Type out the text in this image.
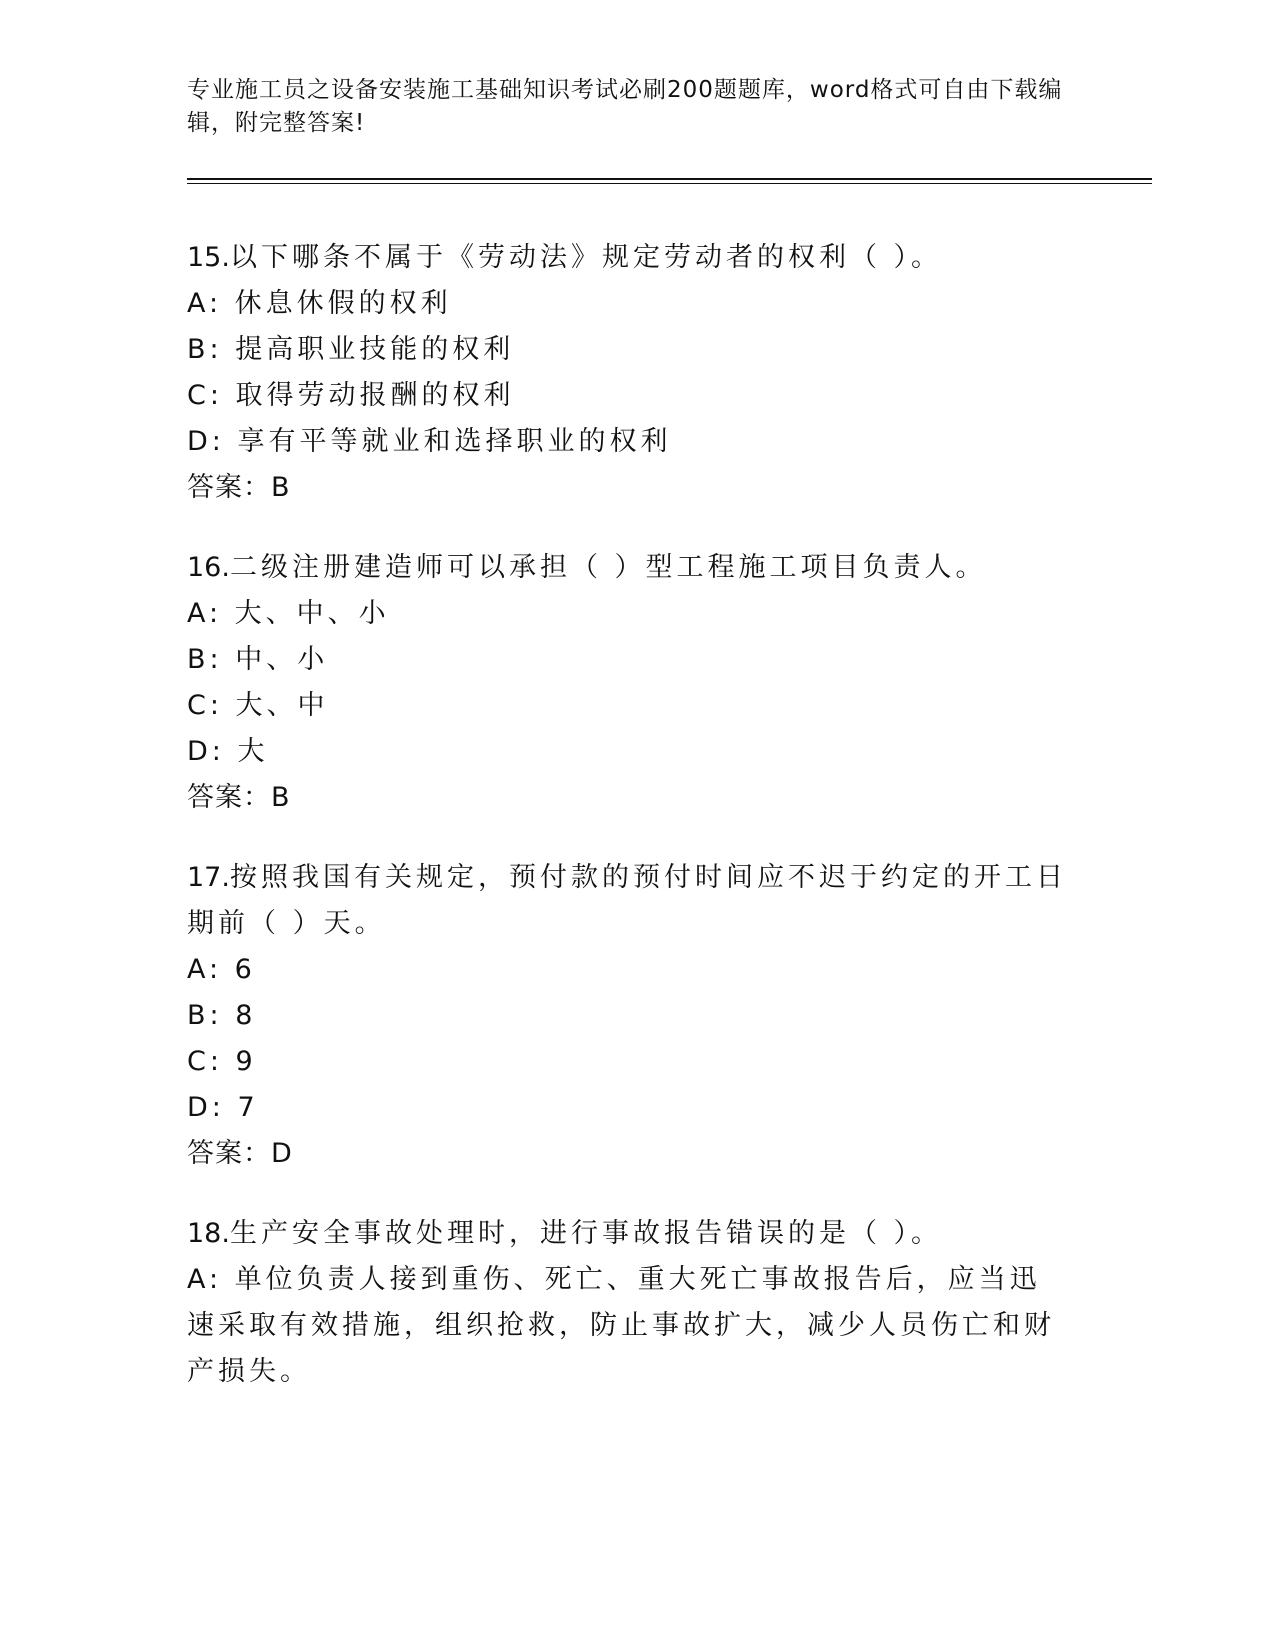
专业施工员之设备安装施工基础知识考试必刷200题题库，word格式可自由下载编辑，附完整答案!
15.以下哪条不属于《劳动法》规定劳动者的权利（ ）。
A: 休息休假的权利
B: 提高职业技能的权利
C: 取得劳动报酬的权利
D: 享有平等就业和选择职业的权利
答案：B
16.二级注册建造师可以承担（ ）型工程施工项目负责人。
A: 大、中、小
B: 中、小
C: 大、中
D: 大
答案：B
17.按照我国有关规定，预付款的预付时间应不迟于约定的开工日期前（ ）天。
A: 6
B: 8
C: 9
D: 7
答案：D
18.生产安全事故处理时，进行事故报告错误的是（ ）。
A: 单位负责人接到重伤、死亡、重大死亡事故报告后，应当迅速采取有效措施，组织抢救，防止事故扩大，减少人员伤亡和财产损失。
